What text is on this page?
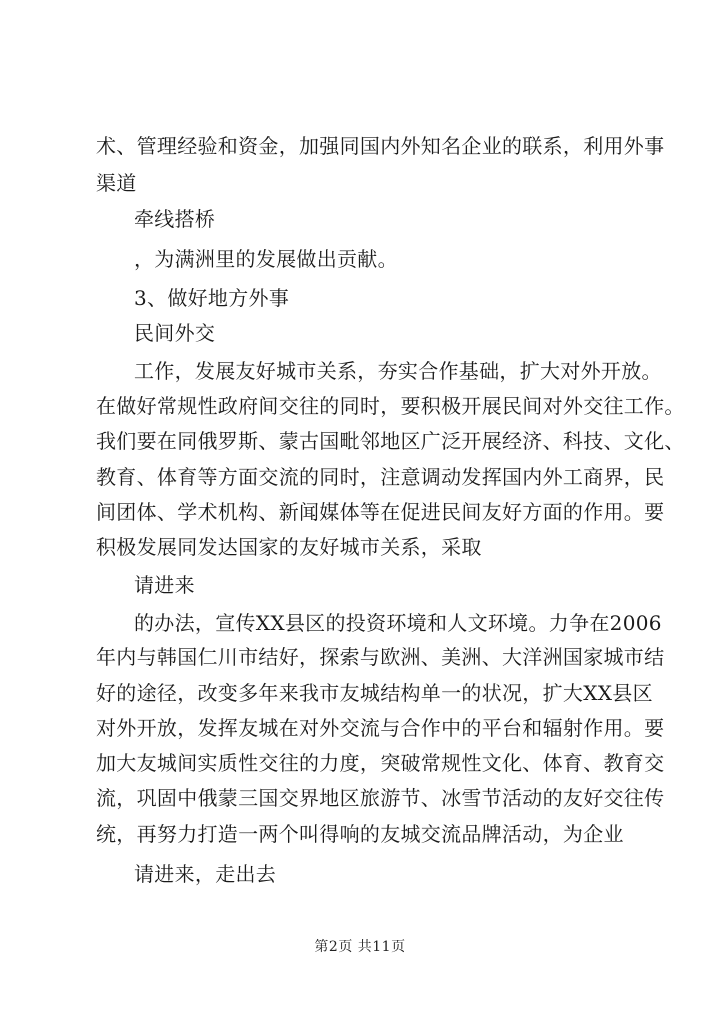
术、管理经验和资金，加强同国内外知名企业的联系，利用外事
渠道
牵线搭桥
，为满洲里的发展做出贡献。
3、做好地方外事
民间外交
工作，发展友好城市关系，夯实合作基础，扩大对外开放。
在做好常规性政府间交往的同时，要积极开展民间对外交往工作。
我们要在同俄罗斯、蒙古国毗邻地区广泛开展经济、科技、文化、
教育、体育等方面交流的同时，注意调动发挥国内外工商界，民
间团体、学术机构、新闻媒体等在促进民间友好方面的作用。要
积极发展同发达国家的友好城市关系，采取
请进来
的办法，宣传XX县区的投资环境和人文环境。力争在2006
年内与韩国仁川市结好，探索与欧洲、美洲、大洋洲国家城市结
好的途径，改变多年来我市友城结构单一的状况，扩大XX县区
对外开放，发挥友城在对外交流与合作中的平台和辐射作用。要
加大友城间实质性交往的力度，突破常规性文化、体育、教育交
流，巩固中俄蒙三国交界地区旅游节、冰雪节活动的友好交往传
统，再努力打造一两个叫得响的友城交流品牌活动，为企业
请进来，走出去
第2页 共11页
